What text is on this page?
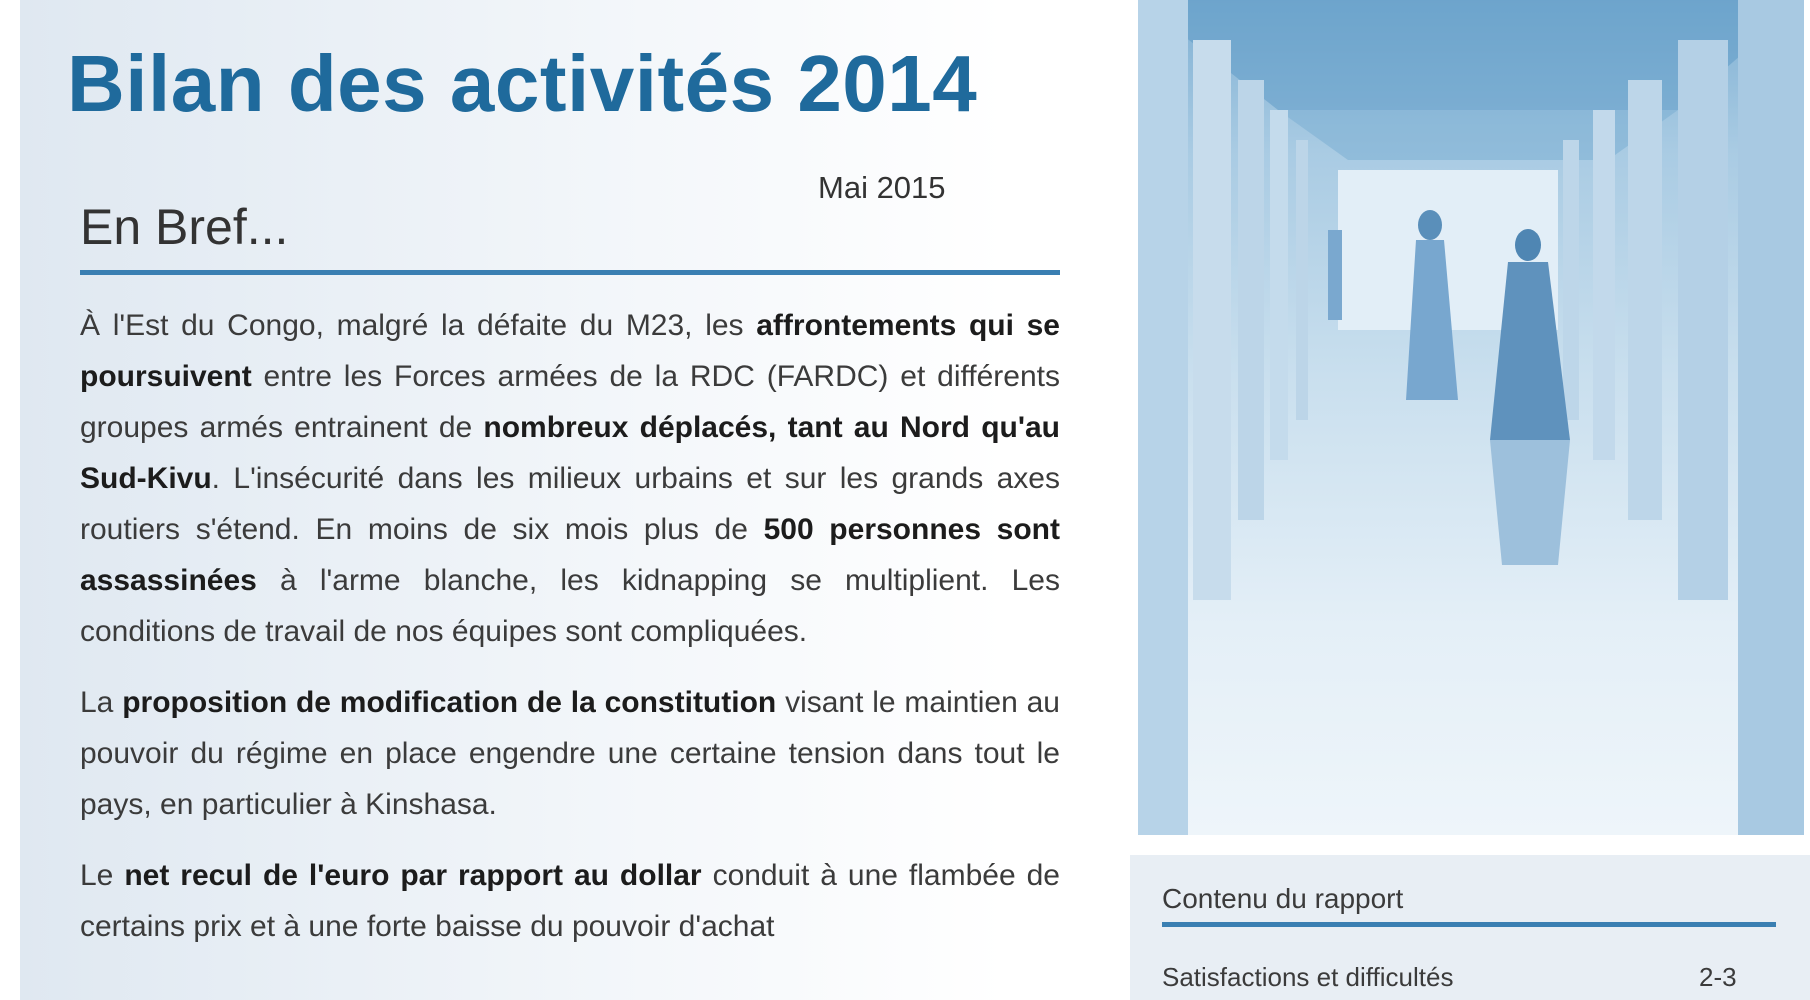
Bilan des activités 2014
Mai 2015
En Bref...

À l'Est du Congo, malgré la défaite du M23, les affrontements qui se poursuivent entre les Forces armées de la RDC (FARDC) et différents groupes armés entrainent de nombreux déplacés, tant au Nord qu'au Sud-Kivu. L'insécurité dans les milieux urbains et sur les grands axes routiers s'étend. En moins de six mois plus de 500 personnes sont assassinées à l'arme blanche, les kidnapping se multiplient. Les conditions de travail de nos équipes sont compliquées.

La proposition de modification de la constitution visant le maintien au pouvoir du régime en place engendre une certaine tension dans tout le pays, en particulier à Kinshasa.

Le net recul de l'euro par rapport au dollar conduit à une flambée de certains prix et à une forte baisse du pouvoir d'achat

Contenu du rapport
Satisfactions et difficultés	2-3
